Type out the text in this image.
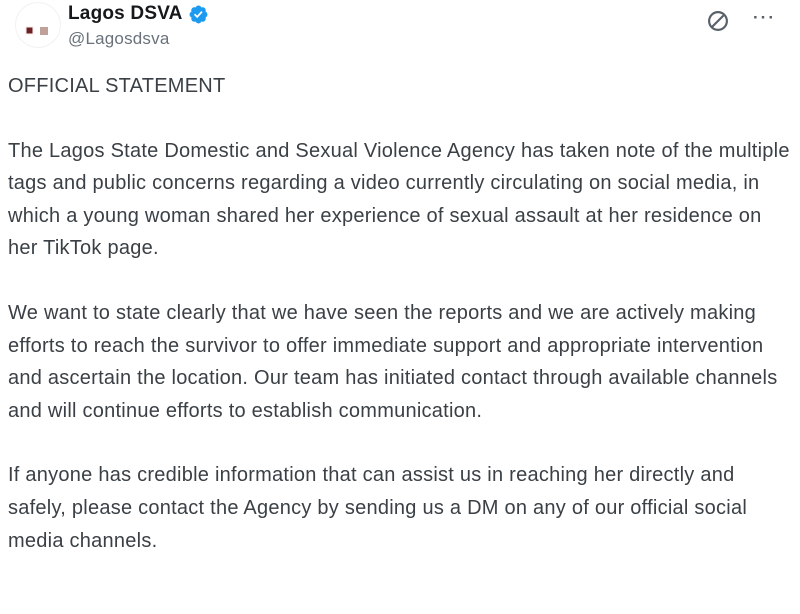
Lagos DSVA
@Lagosdsva
···

OFFICIAL STATEMENT

The Lagos State Domestic and Sexual Violence Agency has taken note of the multiple tags and public concerns regarding a video currently circulating on social media, in which a young woman shared her experience of sexual assault at her residence on her TikTok page.

We want to state clearly that we have seen the reports and we are actively making efforts to reach the survivor to offer immediate support and appropriate intervention and ascertain the location. Our team has initiated contact through available channels and will continue efforts to establish communication.

If anyone has credible information that can assist us in reaching her directly and safely, please contact the Agency by sending us a DM on any of our official social media channels.
